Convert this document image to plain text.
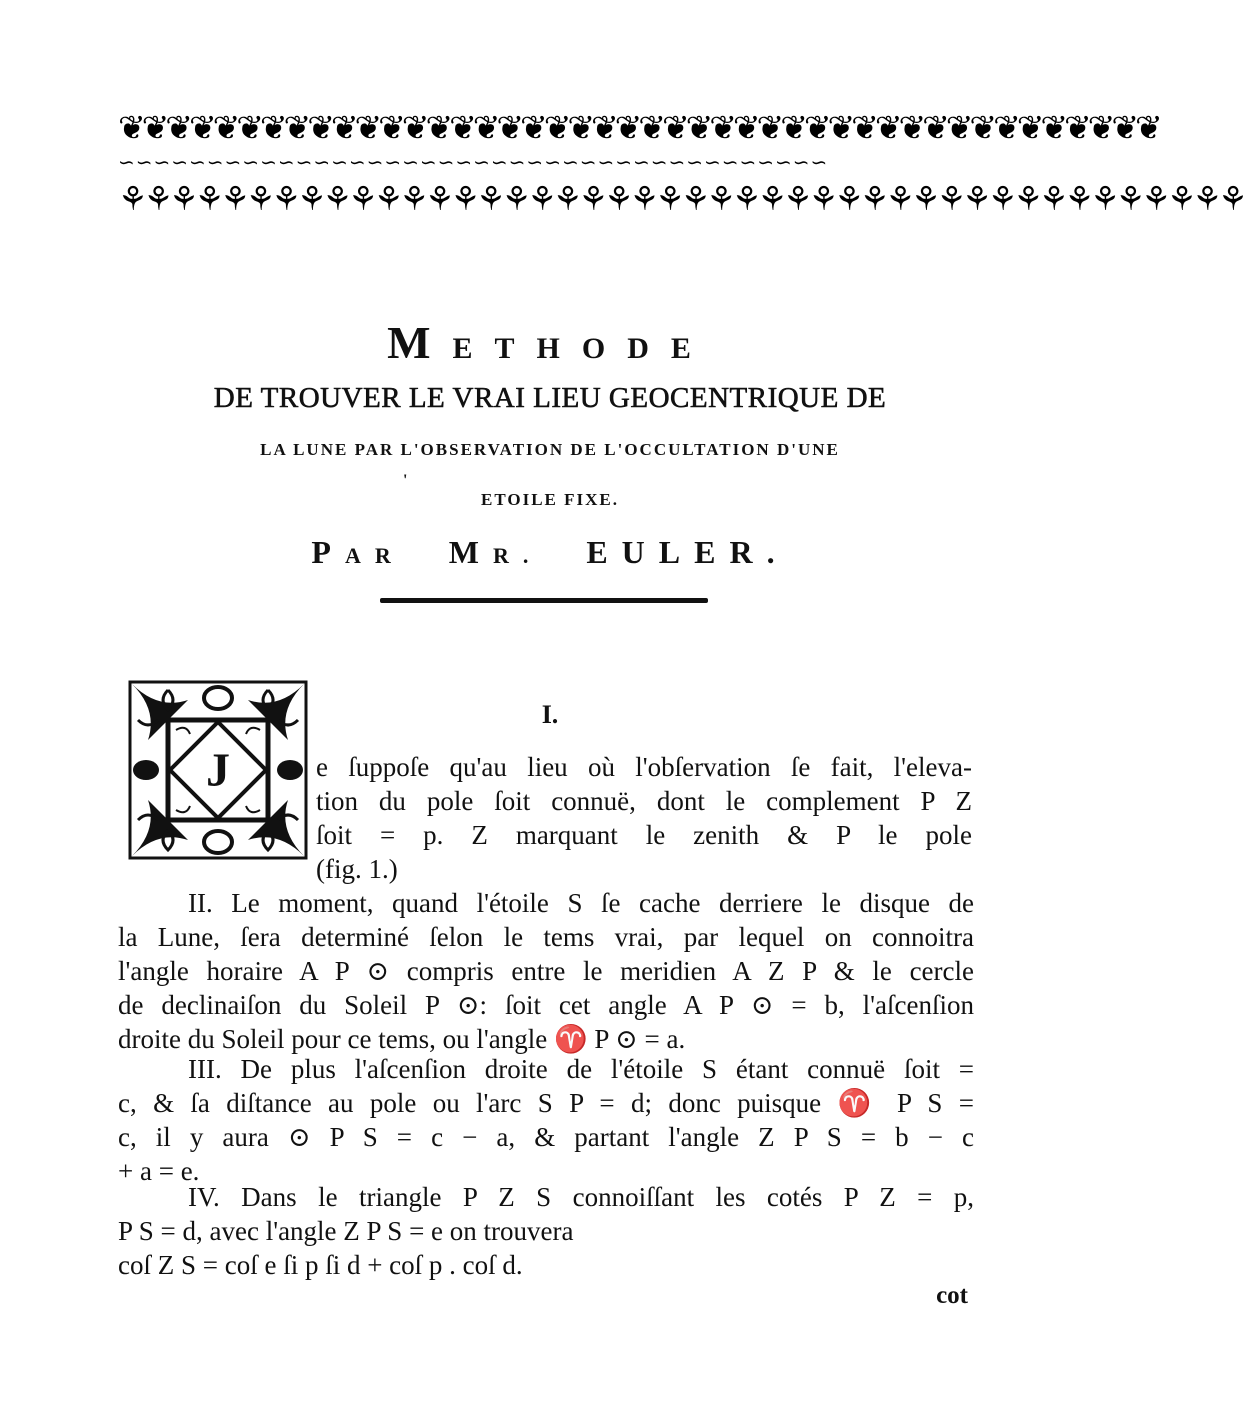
❦❦❦❦❦❦❦❦❦❦❦❦❦❦❦❦❦❦❦❦❦❦❦❦❦❦❦❦❦❦❦❦❦❦❦❦❦❦❦❦❦❦❦❦
∽∽∽∽∽∽∽∽∽∽∽∽∽∽∽∽∽∽∽∽∽∽∽∽∽∽∽∽∽∽∽∽∽∽∽∽∽∽∽∽
⚘⚘⚘⚘⚘⚘⚘⚘⚘⚘⚘⚘⚘⚘⚘⚘⚘⚘⚘⚘⚘⚘⚘⚘⚘⚘⚘⚘⚘⚘⚘⚘⚘⚘⚘⚘⚘⚘⚘⚘⚘⚘⚘⚘
METHODE
DE TROUVER LE VRAI LIEU GEOCENTRIQUE DE
LA LUNE PAR L'OBSERVATION DE L'OCCULTATION D'UNE
'
ETOILE FIXE.
PAR MR. EULER.
J
I.
e ſuppoſe qu'au lieu où l'obſervation ſe fait, l'eleva-
tion du pole ſoit connuë, dont le complement P Z
ſoit = p. Z marquant le zenith & P le pole
(fig. 1.)
II. Le moment, quand l'étoile S ſe cache derriere le disque de
la Lune, ſera determiné ſelon le tems vrai, par lequel on connoitra
l'angle horaire A P ⊙ compris entre le meridien A Z P & le cercle
de declinaiſon du Soleil P ⊙: ſoit cet angle A P ⊙ = b, l'aſcenſion
droite du Soleil pour ce tems, ou l'angle ♈ P ⊙ = a.
III. De plus l'aſcenſion droite de l'étoile S étant connuë ſoit =
c, & ſa diſtance au pole ou l'arc S P = d; donc puisque ♈ P S =
c, il y aura ⊙ P S = c − a, & partant l'angle Z P S = b − c
+ a = e.
IV. Dans le triangle P Z S connoiſſant les cotés P Z = p,
P S = d, avec l'angle Z P S = e on trouvera
coſ Z S = coſ e ſi p ſi d + coſ p . coſ d.
cot
